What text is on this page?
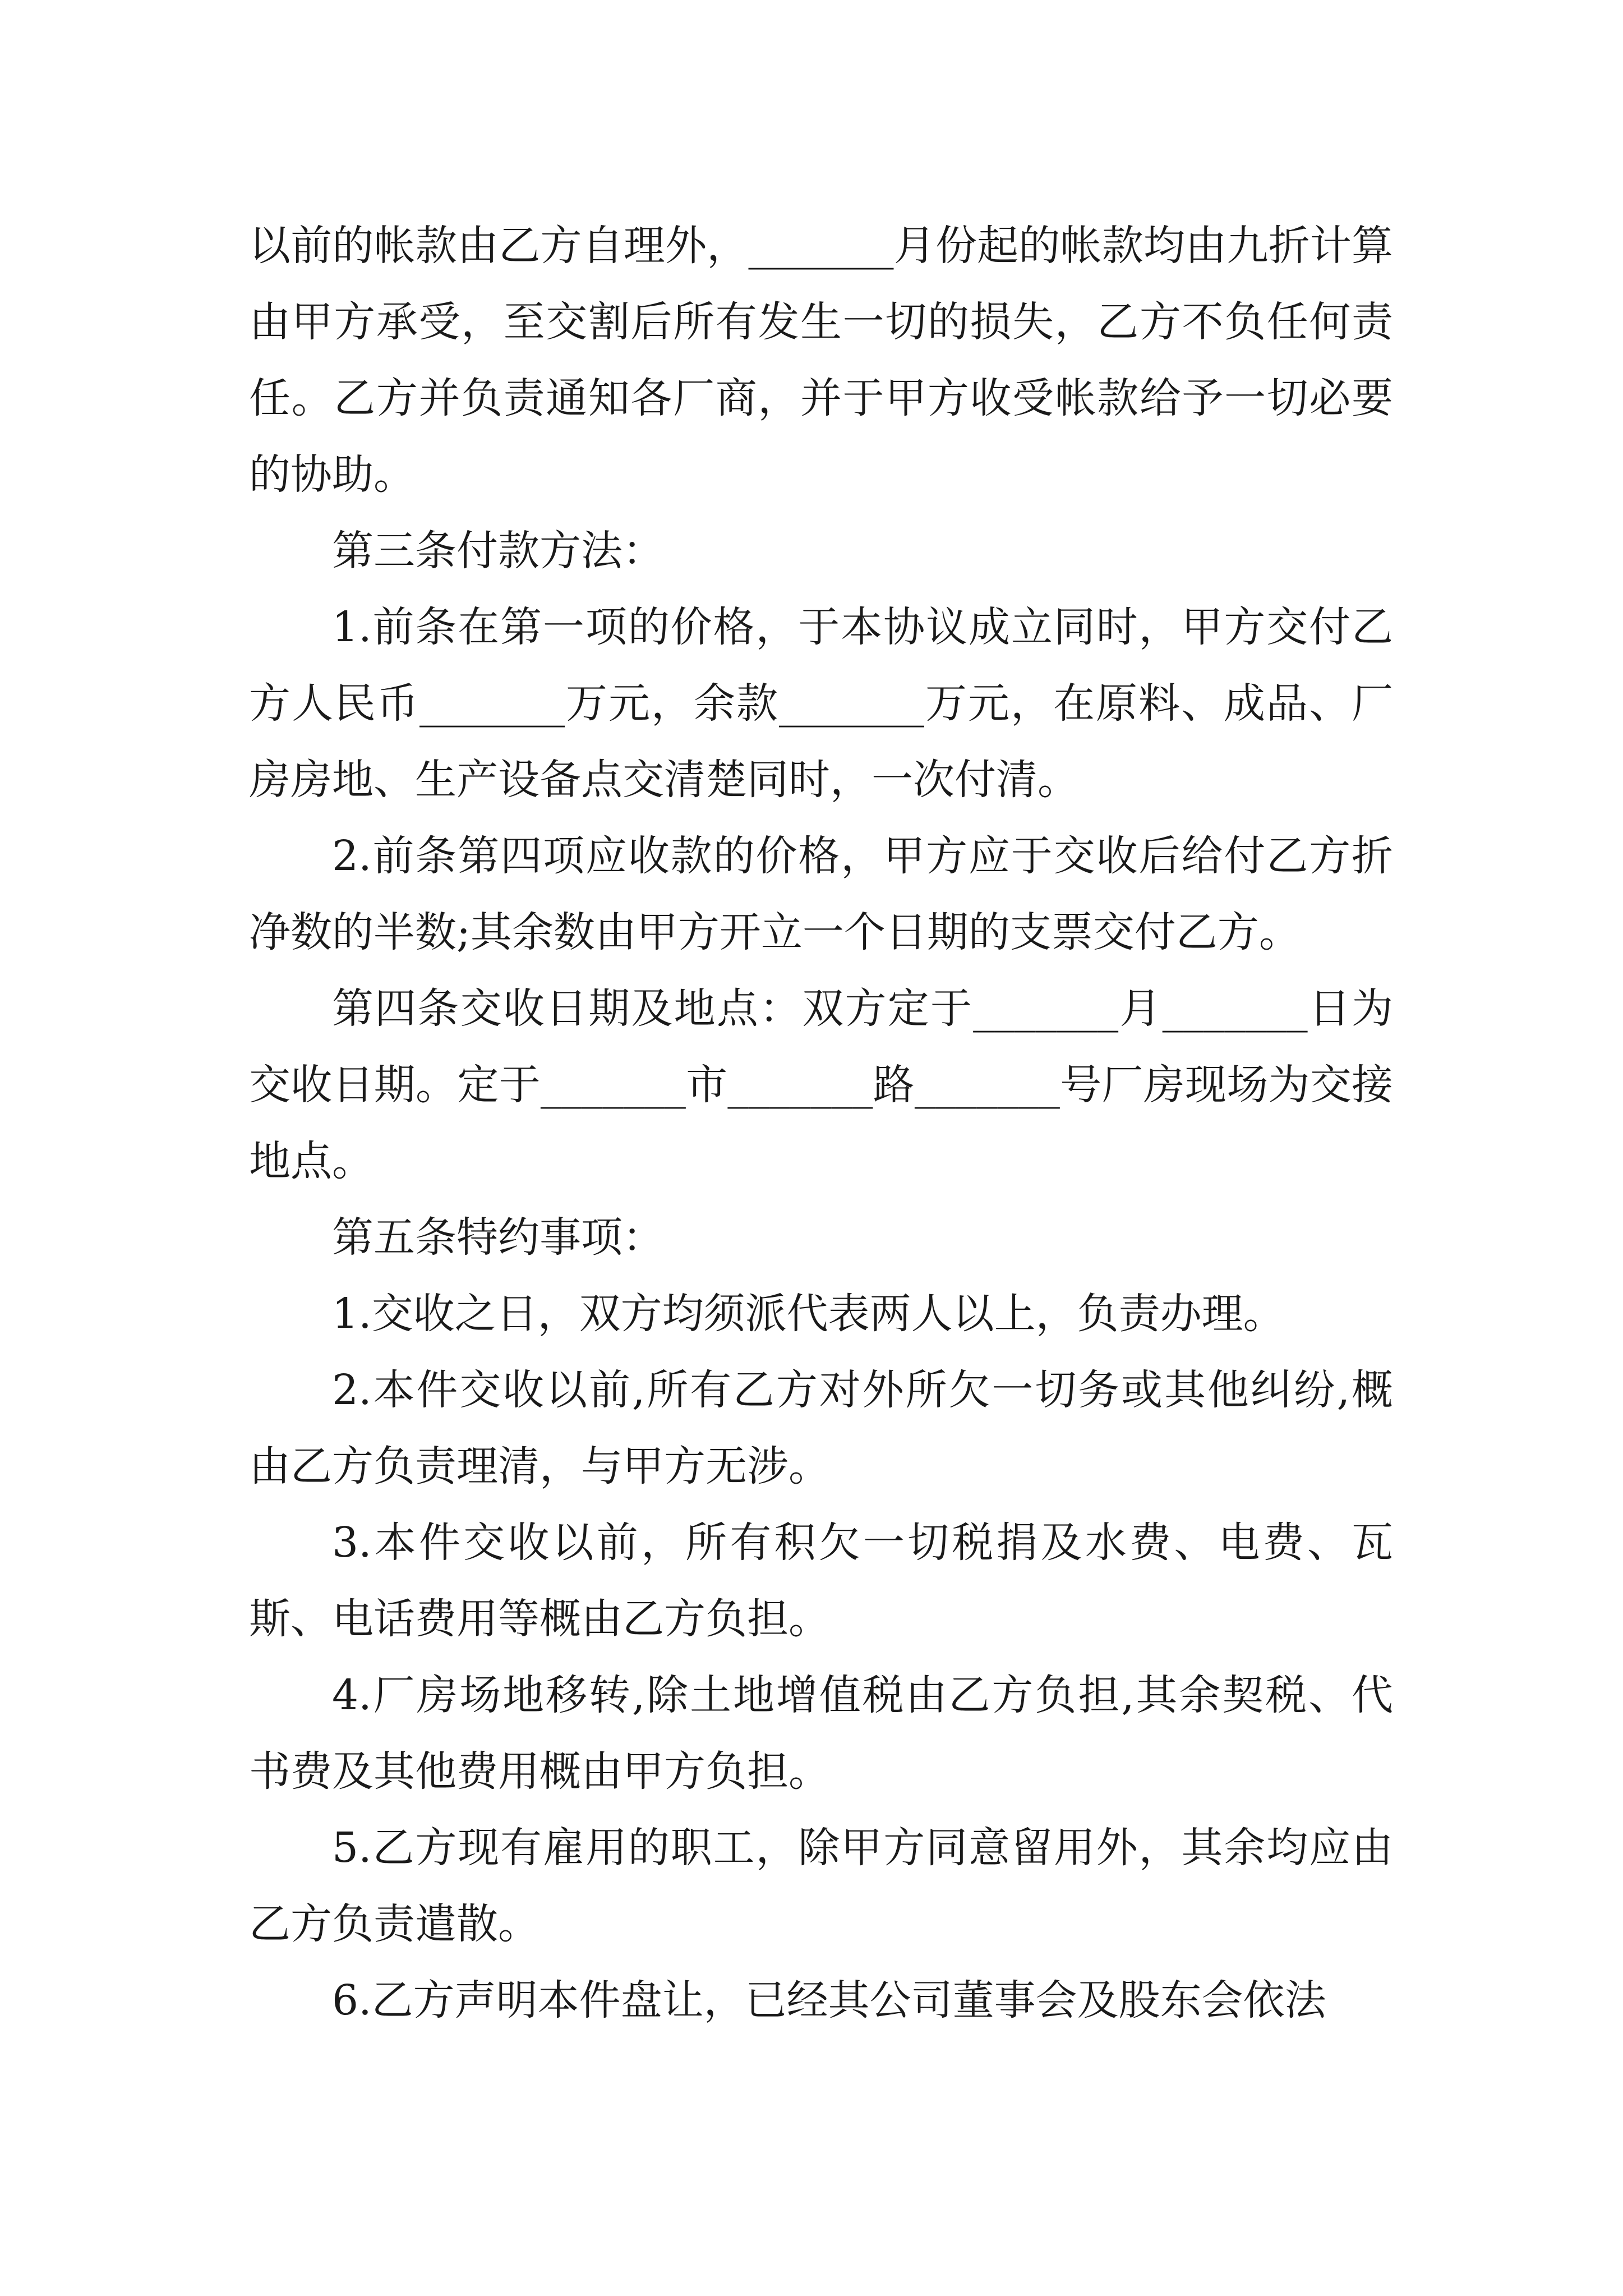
以前的帐款由乙方自理外，_______月份起的帐款均由九折计算由甲方承受，至交割后所有发生一切的损失，乙方不负任何责任。乙方并负责通知各厂商，并于甲方收受帐款给予一切必要的协助。

第三条付款方法：

1.前条在第一项的价格，于本协议成立同时，甲方交付乙方人民币_______万元，余款_______万元，在原料、成品、厂房房地、生产设备点交清楚同时，一次付清。

2.前条第四项应收款的价格，甲方应于交收后给付乙方折净数的半数;其余数由甲方开立一个日期的支票交付乙方。

第四条交收日期及地点：双方定于_______月_______日为交收日期。定于_______市_______路_______号厂房现场为交接地点。

第五条特约事项：

1.交收之日，双方均须派代表两人以上，负责办理。

2.本件交收以前,所有乙方对外所欠一切务或其他纠纷,概由乙方负责理清，与甲方无涉。

3.本件交收以前，所有积欠一切税捐及水费、电费、瓦斯、电话费用等概由乙方负担。

4.厂房场地移转,除土地增值税由乙方负担,其余契税、代书费及其他费用概由甲方负担。

5.乙方现有雇用的职工，除甲方同意留用外，其余均应由乙方负责遣散。

6.乙方声明本件盘让，已经其公司董事会及股东会依法
